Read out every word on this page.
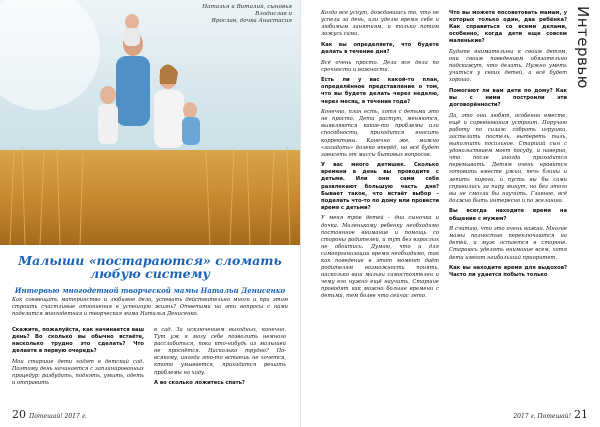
Наталья и Виталий, сыновья Владислав и
Ярослав, дочка Анастасия
Малыши «постараются» сломать
любую систему
Интервью многодетной творческой мамы Натальи Денисенко

Как совмещать материнство и любимое дело, успевать действительно много и при этом строить счастливые отношения в успешную жизнь? Ответами на эти вопросы с нами поделится многодетная и творческая мама Наталья Денисенко.

Скажите, пожалуйста, как начинается ваш день? Во сколько вы обычно встаёте, насколько трудно это сделать? Что делаете в первую очередь?

Мои старшие дети ходят в детский сад. Поэтому день начинается с запланированных процедур: разбудить, поднять, умыть, одеть и отправить

в сад. За исключением выходных, конечно. Тут уж я могу себе позволить немного расслабиться, пока кто-нибудь из малышей не проснётся. Насколько трудно? По-всякому, иногда это-то встаешь не хочется, ктото умывается, приходится решать проблемы на ходу.

А во сколько ложитесь спать?

20 Потешай! 2017 г.
Интервью

Когда все уснут, дождавшись то, что не успела за день, или уделю время себе и любимым занятиям, и только потом ложусь сама.

Как вы определяете, что будете делать в течение дня?

Всё очень просто. Дела все дела по срочности и важности.

Есть ли у вас какой-то план, определённое представление о том, что вы будете делать через неделю, через месяц, в течение года?

Конечно, план есть, хотя с детьми это не просто. Дети растут, меняются, выявляются какие-то проблемы или способности, приходится вносить коррективы. Конечно же, можно «загадать» далеко вперёд, но всё будет зависеть от массы бытовых вопросов.

У вас много детишек. Сколько времени в день вы проводите с детьми. Или они сами себя развлекают большую часть дня? Бывает такое, что встаёт выбор – поделать что-то по дому или провести время с детьми?

У меня трое детей – дна сыночка и дочка. Маленькому ребенку необходимо постоянное внимание и помощь со стороны родителей, и тут без взрослых не обойтись. Думаю, что и для самоорганизации время необходимо, так как поведение в этот момент даёт родителям возможность понять, насколько ваш малыш самостоятелен и чему его нужно ещё научить. Старшие проводят как можно больше времени с детьми, тем более что сейчас лето.

Что вы можете посоветовать мамам, у которых только один, два ребёнка? Как справиться со всеми делами, особенно, когда дети еще совсем маленькие?

Будьте внимательны к своим детям, они своим поведением обязательно подскажут, что делать. Нужно уметь учиться у своих детей, а всё будет хорошо.

Помогают ли вам дети по дому? Как вы с ними построили эти договорённости?

Да, это они любят, особенно вместе, ещё и соревнования устроит. Поручаю работу по силам: собрать игрушки, застелить постель, вытереть пыль, выполнить посильное. Старший сын с удовольствием моет посуду, и наверно, что после иногда приходится перемывать. Детям очень нравится готовить вместе ужин, печь блины и лепить пироги, и пусть вы бы сами справились за пару минут, но без этого вы не смогли бы научить. Главное, всё должно быть интересно и по желанию.

Вы всегда находите время на общение с мужем?

Я считаю, что это очень важно. Многие мамы полностью переключаются на детей, и муж остается в стороне. Стараюсь уделять внимание всем, хотя дети имеют наибольший приоритет.

Как вы находите время для выдохов? Часто ли удается побыть только

2017 г. Потешай! 21
